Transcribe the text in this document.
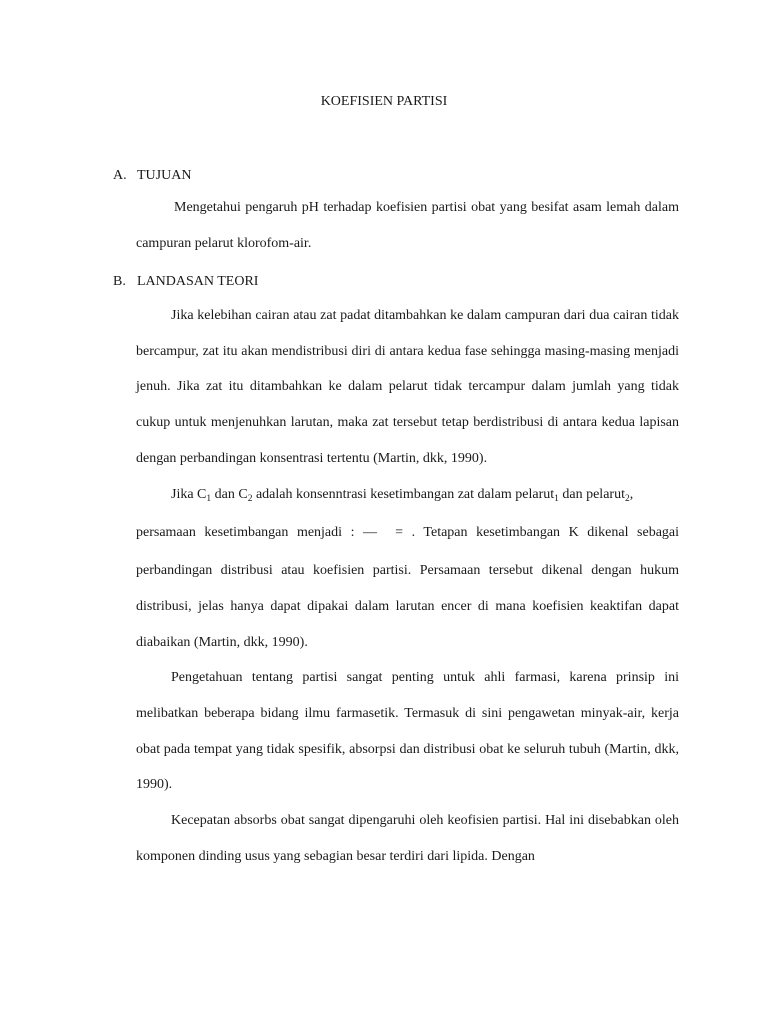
KOEFISIEN PARTISI
A. TUJUAN

Mengetahui pengaruh pH terhadap koefisien partisi obat yang besifat asam lemah dalam campuran pelarut klorofom-air.

B. LANDASAN TEORI

Jika kelebihan cairan atau zat padat ditambahkan ke dalam campuran dari dua cairan tidak bercampur, zat itu akan mendistribusi diri di antara kedua fase sehingga masing-masing menjadi jenuh. Jika zat itu ditambahkan ke dalam pelarut tidak tercampur dalam jumlah yang tidak cukup untuk menjenuhkan larutan, maka zat tersebut tetap berdistribusi di antara kedua lapisan dengan perbandingan konsentrasi tertentu (Martin, dkk, 1990).

Jika $C_1$ dan $C_2$ adalah konsenntrasi kesetimbangan zat dalam pelarut$_1$ dan pelarut$_2$,

persamaan kesetimbangan menjadi : — = . Tetapan kesetimbangan K dikenal sebagai

perbandingan distribusi atau koefisien partisi. Persamaan tersebut dikenal dengan hukum distribusi, jelas hanya dapat dipakai dalam larutan encer di mana koefisien keaktifan dapat diabaikan (Martin, dkk, 1990).

Pengetahuan tentang partisi sangat penting untuk ahli farmasi, karena prinsip ini melibatkan beberapa bidang ilmu farmasetik. Termasuk di sini pengawetan minyak-air, kerja obat pada tempat yang tidak spesifik, absorpsi dan distribusi obat ke seluruh tubuh (Martin, dkk, 1990).

Kecepatan absorbs obat sangat dipengaruhi oleh keofisien partisi. Hal ini disebabkan oleh komponen dinding usus yang sebagian besar terdiri dari lipida. Dengan
